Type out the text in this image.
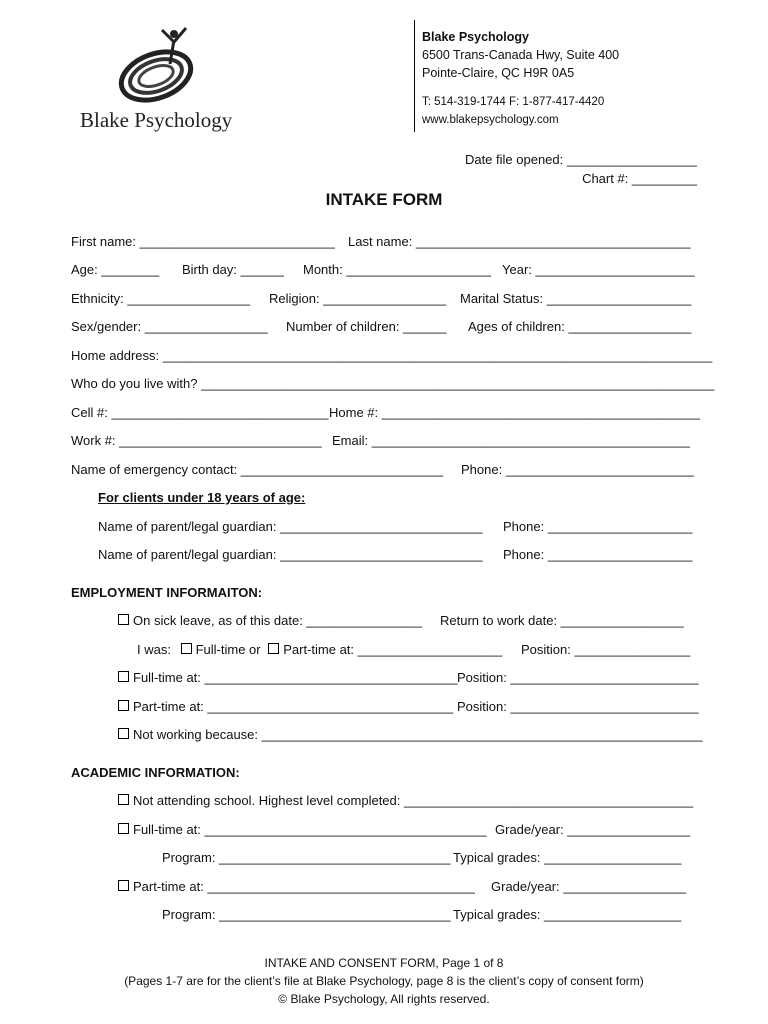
Blake Psychology
Blake Psychology
6500 Trans-Canada Hwy, Suite 400
Pointe-Claire, QC H9R 0A5
T: 514-319-1744 F: 1-877-417-4420
www.blakepsychology.com
Date file opened: __________________
Chart #: _________
INTAKE FORM
First name: ___________________________ Last name: ______________________________________
Age: ________ Birth day: ______ Month: ____________________ Year: ______________________
Ethnicity: _________________ Religion: _________________ Marital Status: ____________________
Sex/gender: _________________ Number of children: ______ Ages of children: _________________
Home address: ____________________________________________________________________________
Who do you live with? _______________________________________________________________________
Cell #: ______________________________ Home #: ____________________________________________
Work #: ____________________________ Email: ____________________________________________
Name of emergency contact: ____________________________ Phone: __________________________
For clients under 18 years of age:
Name of parent/legal guardian: ____________________________ Phone: ____________________
Name of parent/legal guardian: ____________________________ Phone: ____________________
EMPLOYMENT INFORMAITON:
On sick leave, as of this date: ________________ Return to work date: _________________
I was: Full-time or Part-time at: ____________________ Position: ________________
Full-time at: ___________________________________ Position: __________________________
Part-time at: __________________________________ Position: __________________________
Not working because: _____________________________________________________________
ACADEMIC INFORMATION:
Not attending school. Highest level completed: ________________________________________
Full-time at: _______________________________________ Grade/year: _________________
Program: ________________________________ Typical grades: ___________________
Part-time at: _____________________________________ Grade/year: _________________
Program: ________________________________ Typical grades: ___________________
INTAKE AND CONSENT FORM, Page 1 of 8
(Pages 1-7 are for the client’s file at Blake Psychology, page 8 is the client’s copy of consent form)
© Blake Psychology, All rights reserved.
